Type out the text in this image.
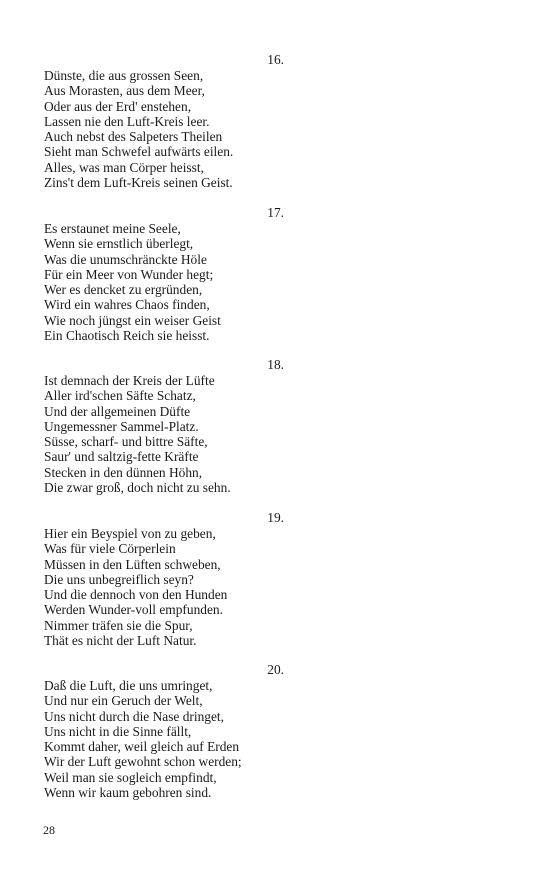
16.
Dünste, die aus grossen Seen,
Aus Morasten, aus dem Meer,
Oder aus der Erd' enstehen,
Lassen nie den Luft-Kreis leer.
Auch nebst des Salpeters Theilen
Sieht man Schwefel aufwärts eilen.
Alles, was man Cörper heisst,
Zins't dem Luft-Kreis seinen Geist.
17.
Es erstaunet meine Seele,
Wenn sie ernstlich überlegt,
Was die unumschränckte Höle
Für ein Meer von Wunder hegt;
Wer es dencket zu ergründen,
Wird ein wahres Chaos finden,
Wie noch jüngst ein weiser Geist
Ein Chaotisch Reich sie heisst.
18.
Ist demnach der Kreis der Lüfte
Aller ird'schen Säfte Schatz,
Und der allgemeinen Düfte
Ungemessner Sammel-Platz.
Süsse, scharf- und bittre Säfte,
Saur' und saltzig-fette Kräfte
Stecken in den dünnen Höhn,
Die zwar groß, doch nicht zu sehn.
19.
Hier ein Beyspiel von zu geben,
Was für viele Cörperlein
Müssen in den Lüften schweben,
Die uns unbegreiflich seyn?
Und die dennoch von den Hunden
Werden Wunder-voll empfunden.
Nimmer träfen sie die Spur,
Thät es nicht der Luft Natur.
20.
Daß die Luft, die uns umringet,
Und nur ein Geruch der Welt,
Uns nicht durch die Nase dringet,
Uns nicht in die Sinne fällt,
Kommt daher, weil gleich auf Erden
Wir der Luft gewohnt schon werden;
Weil man sie sogleich empfindt,
Wenn wir kaum gebohren sind.
28
